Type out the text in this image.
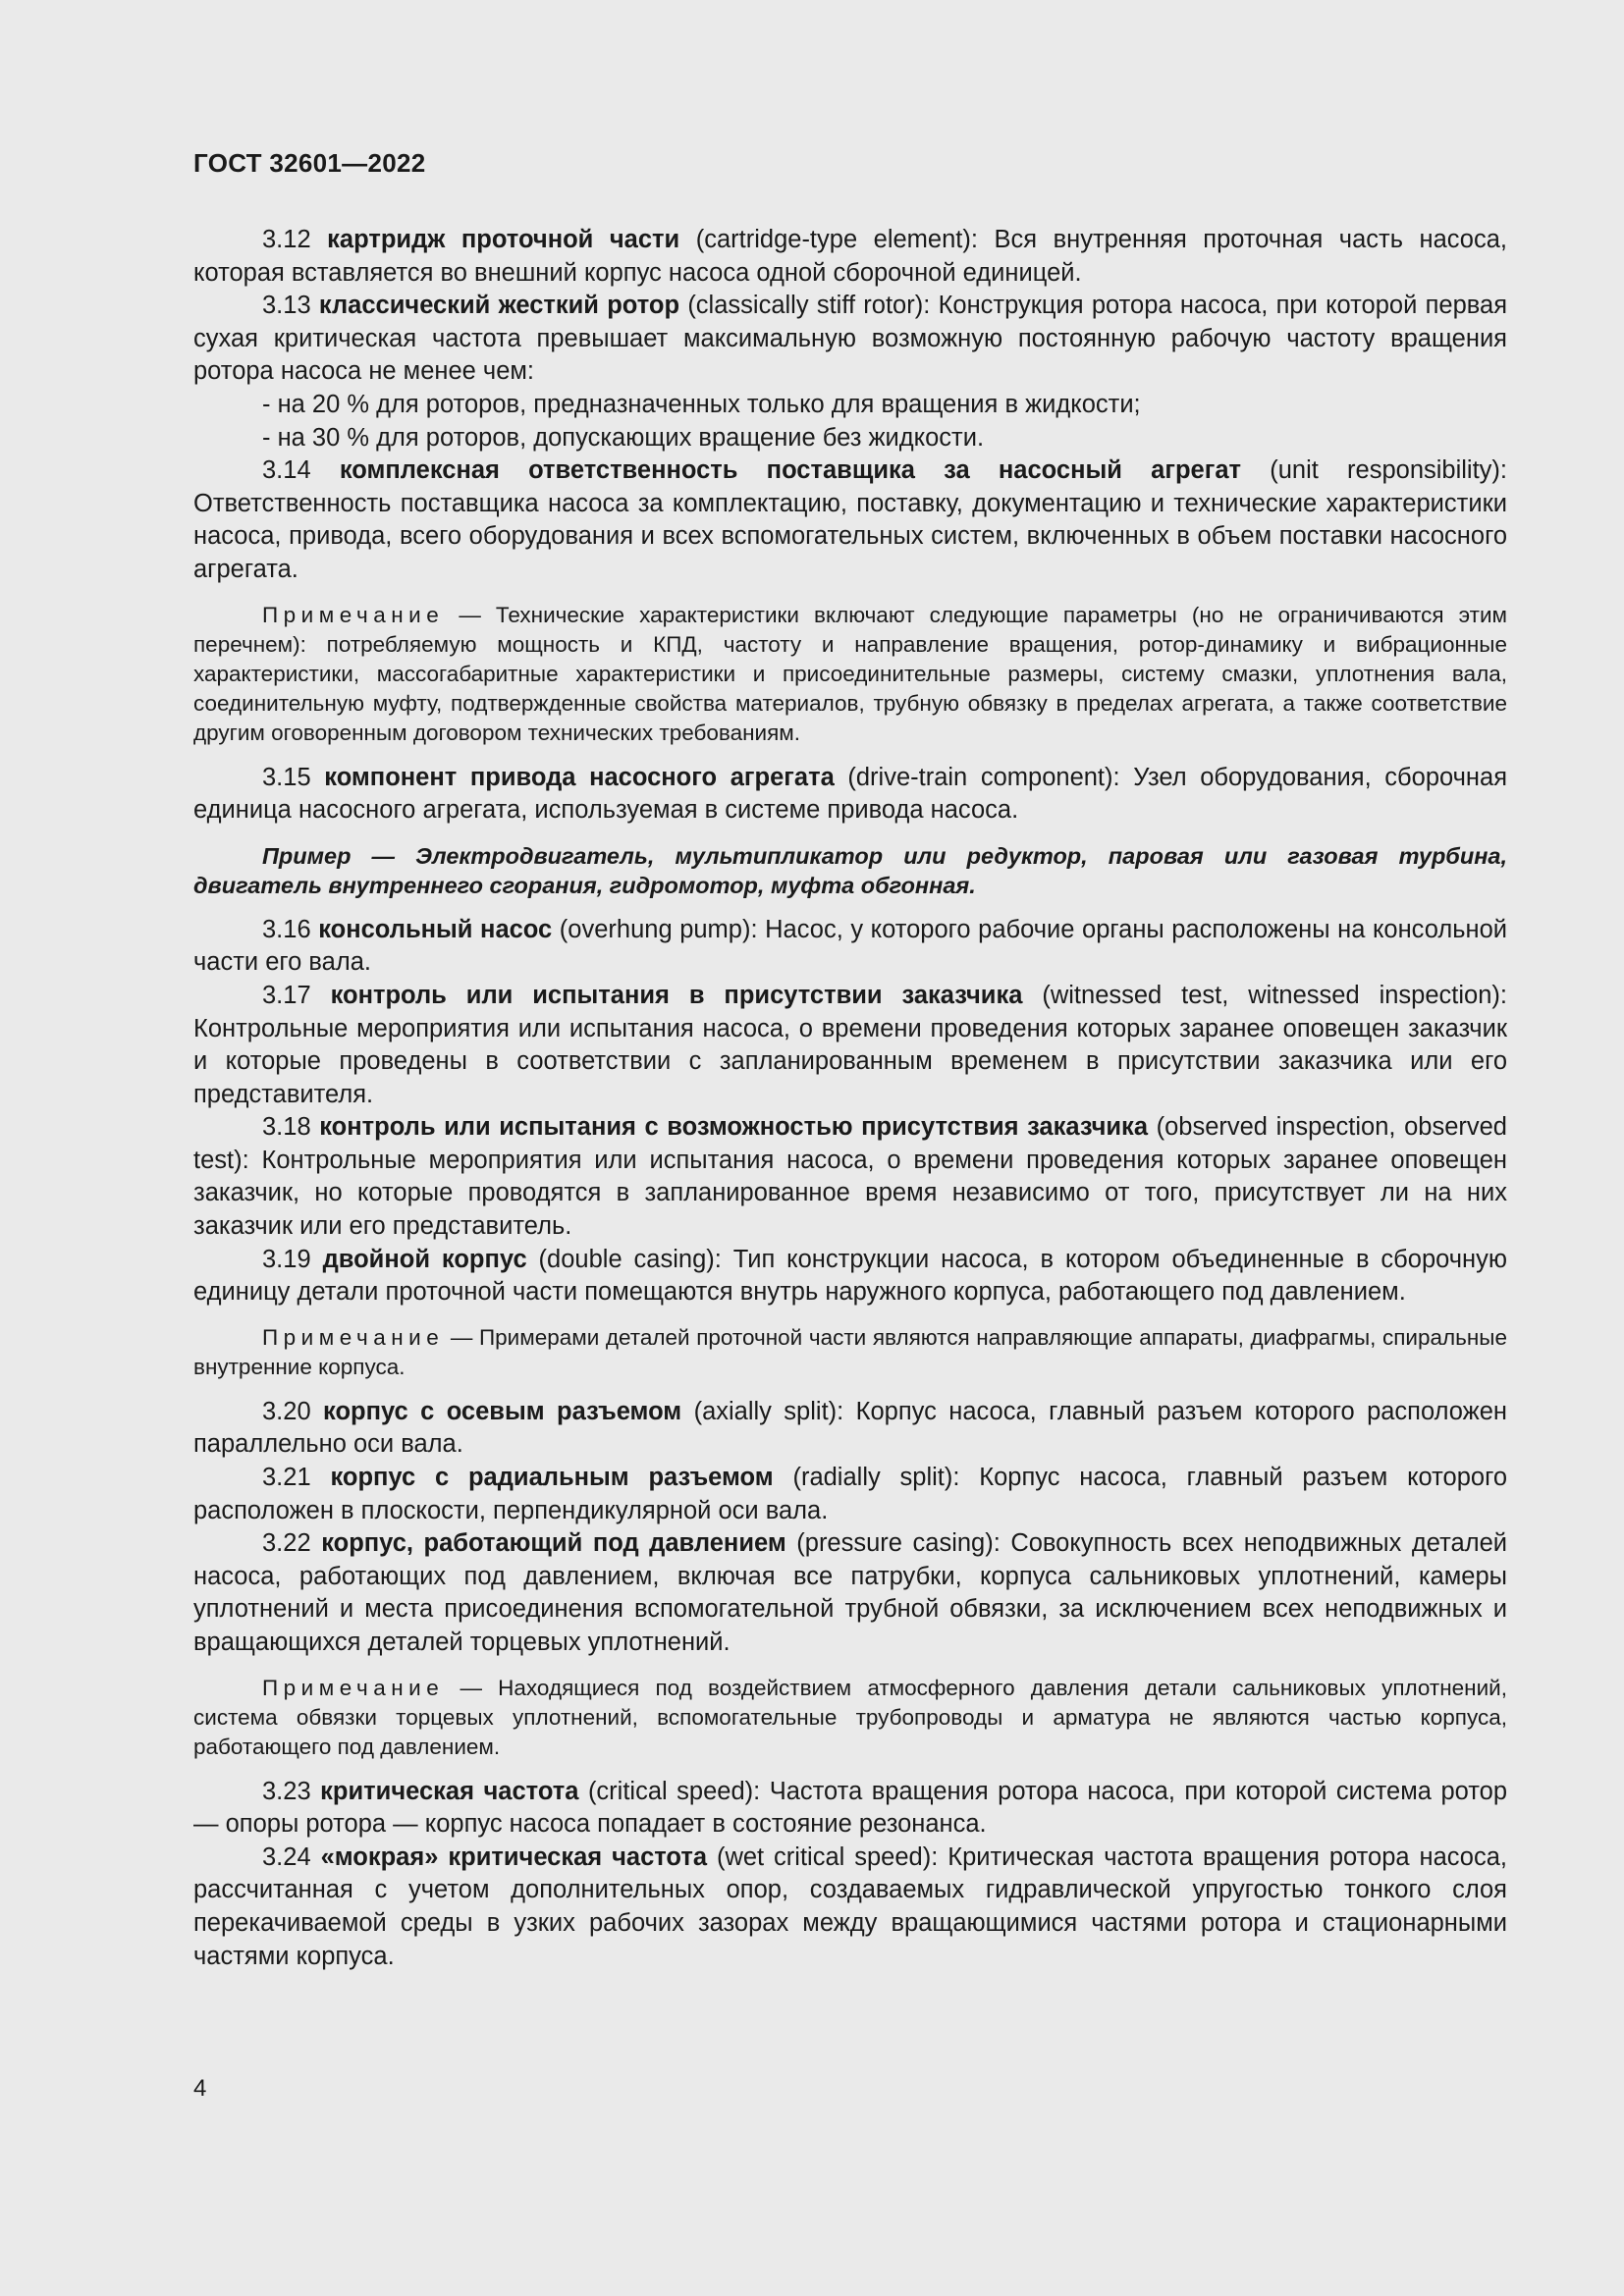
ГОСТ 32601—2022

3.12 картридж проточной части (cartridge-type element): Вся внутренняя проточная часть насоса, которая вставляется во внешний корпус насоса одной сборочной единицей.

3.13 классический жесткий ротор (classically stiff rotor): Конструкция ротора насоса, при которой первая сухая критическая частота превышает максимальную возможную постоянную рабочую частоту вращения ротора насоса не менее чем:

- на 20 % для роторов, предназначенных только для вращения в жидкости;

- на 30 % для роторов, допускающих вращение без жидкости.

3.14 комплексная ответственность поставщика за насосный агрегат (unit responsibility): Ответственность поставщика насоса за комплектацию, поставку, документацию и технические характеристики насоса, привода, всего оборудования и всех вспомогательных систем, включенных в объем поставки насосного агрегата.

Примечание — Технические характеристики включают следующие параметры (но не ограничиваются этим перечнем): потребляемую мощность и КПД, частоту и направление вращения, ротор-динамику и вибрационные характеристики, массогабаритные характеристики и присоединительные размеры, систему смазки, уплотнения вала, соединительную муфту, подтвержденные свойства материалов, трубную обвязку в пределах агрегата, а также соответствие другим оговоренным договором технических требованиям.

3.15 компонент привода насосного агрегата (drive-train component): Узел оборудования, сборочная единица насосного агрегата, используемая в системе привода насоса.

Пример — Электродвигатель, мультипликатор или редуктор, паровая или газовая турбина, двигатель внутреннего сгорания, гидромотор, муфта обгонная.

3.16 консольный насос (overhung pump): Насос, у которого рабочие органы расположены на консольной части его вала.

3.17 контроль или испытания в присутствии заказчика (witnessed test, witnessed inspection): Контрольные мероприятия или испытания насоса, о времени проведения которых заранее оповещен заказчик и которые проведены в соответствии с запланированным временем в присутствии заказчика или его представителя.

3.18 контроль или испытания с возможностью присутствия заказчика (observed inspection, observed test): Контрольные мероприятия или испытания насоса, о времени проведения которых заранее оповещен заказчик, но которые проводятся в запланированное время независимо от того, присутствует ли на них заказчик или его представитель.

3.19 двойной корпус (double casing): Тип конструкции насоса, в котором объединенные в сборочную единицу детали проточной части помещаются внутрь наружного корпуса, работающего под давлением.

Примечание — Примерами деталей проточной части являются направляющие аппараты, диафрагмы, спиральные внутренние корпуса.

3.20 корпус с осевым разъемом (axially split): Корпус насоса, главный разъем которого расположен параллельно оси вала.

3.21 корпус с радиальным разъемом (radially split): Корпус насоса, главный разъем которого расположен в плоскости, перпендикулярной оси вала.

3.22 корпус, работающий под давлением (pressure casing): Совокупность всех неподвижных деталей насоса, работающих под давлением, включая все патрубки, корпуса сальниковых уплотнений, камеры уплотнений и места присоединения вспомогательной трубной обвязки, за исключением всех неподвижных и вращающихся деталей торцевых уплотнений.

Примечание — Находящиеся под воздействием атмосферного давления детали сальниковых уплотнений, система обвязки торцевых уплотнений, вспомогательные трубопроводы и арматура не являются частью корпуса, работающего под давлением.

3.23 критическая частота (critical speed): Частота вращения ротора насоса, при которой система ротор — опоры ротора — корпус насоса попадает в состояние резонанса.

3.24 «мокрая» критическая частота (wet critical speed): Критическая частота вращения ротора насоса, рассчитанная с учетом дополнительных опор, создаваемых гидравлической упругостью тонкого слоя перекачиваемой среды в узких рабочих зазорах между вращающимися частями ротора и стационарными частями корпуса.

4
